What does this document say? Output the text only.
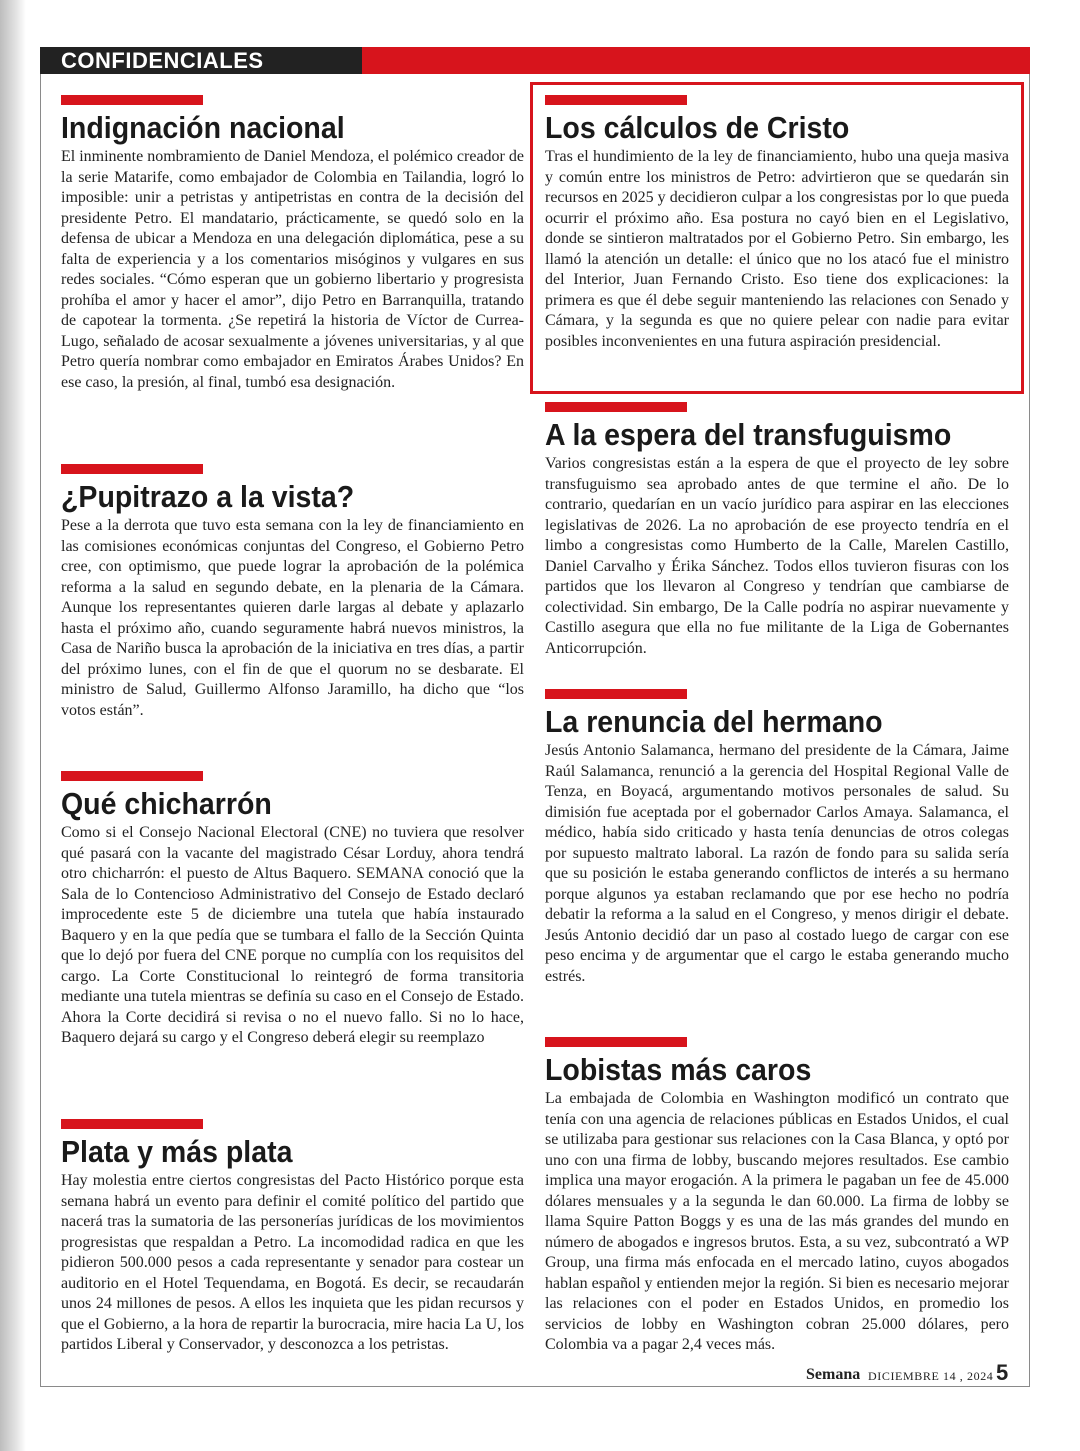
CONFIDENCIALES
Indignación nacional

El inminente nombramiento de Daniel Mendoza, el polémico creador de la serie Matarife, como embajador de Colombia en Tailandia, logró lo imposible: unir a petristas y antipetristas en contra de la decisión del presidente Petro. El mandatario, prácticamente, se quedó solo en la defensa de ubicar a Mendoza en una delegación diplomática, pese a su falta de experiencia y a los comentarios misóginos y vulgares en sus redes sociales. “Cómo esperan que un gobierno libertario y progresista prohíba el amor y hacer el amor”, dijo Petro en Barranquilla, tratando de capotear la tormenta. ¿Se repetirá la historia de Víctor de Currea-Lugo, señalado de acosar sexualmente a jóvenes universitarias, y al que Petro quería nombrar como embajador en Emiratos Árabes Unidos? En ese caso, la presión, al final, tumbó esa designación.

¿Pupitrazo a la vista?

Pese a la derrota que tuvo esta semana con la ley de financiamiento en las comisiones económicas conjuntas del Congreso, el Gobierno Petro cree, con optimismo, que puede lograr la aprobación de la polémica reforma a la salud en segundo debate, en la plenaria de la Cámara. Aunque los representantes quieren darle largas al debate y aplazarlo hasta el próximo año, cuando seguramente habrá nuevos ministros, la Casa de Nariño busca la aprobación de la iniciativa en tres días, a partir del próximo lunes, con el fin de que el quorum no se desbarate. El ministro de Salud, Guillermo Alfonso Jaramillo, ha dicho que “los votos están”.

Qué chicharrón

Como si el Consejo Nacional Electoral (CNE) no tuviera que resolver qué pasará con la vacante del magistrado César Lorduy, ahora tendrá otro chicharrón: el puesto de Altus Baquero. SEMANA conoció que la Sala de lo Contencioso Administrativo del Consejo de Estado declaró improcedente este 5 de diciembre una tutela que había instaurado Baquero y en la que pedía que se tumbara el fallo de la Sección Quinta que lo dejó por fuera del CNE porque no cumplía con los requisitos del cargo. La Corte Constitucional lo reintegró de forma transitoria mediante una tutela mientras se definía su caso en el Consejo de Estado. Ahora la Corte decidirá si revisa o no el nuevo fallo. Si no lo hace, Baquero dejará su cargo y el Congreso deberá elegir su reemplazo

Plata y más plata

Hay molestia entre ciertos congresistas del Pacto Histórico porque esta semana habrá un evento para definir el comité político del partido que nacerá tras la sumatoria de las personerías jurídicas de los movimientos progresistas que respaldan a Petro. La incomodidad radica en que les pidieron 500.000 pesos a cada representante y senador para costear un auditorio en el Hotel Tequendama, en Bogotá. Es decir, se recaudarán unos 24 millones de pesos. A ellos les inquieta que les pidan recursos y que el Gobierno, a la hora de repartir la burocracia, mire hacia La U, los partidos Liberal y Conservador, y desconozca a los petristas.

Los cálculos de Cristo

Tras el hundimiento de la ley de financiamiento, hubo una queja masiva y común entre los ministros de Petro: advirtieron que se quedarán sin recursos en 2025 y decidieron culpar a los congresistas por lo que pueda ocurrir el próximo año. Esa postura no cayó bien en el Legislativo, donde se sintieron maltratados por el Gobierno Petro. Sin embargo, les llamó la atención un detalle: el único que no los atacó fue el ministro del Interior, Juan Fernando Cristo. Eso tiene dos explicaciones: la primera es que él debe seguir manteniendo las relaciones con Senado y Cámara, y la segunda es que no quiere pelear con nadie para evitar posibles inconvenientes en una futura aspiración presidencial.

A la espera del transfuguismo

Varios congresistas están a la espera de que el proyecto de ley sobre transfuguismo sea aprobado antes de que termine el año. De lo contrario, quedarían en un vacío jurídico para aspirar en las elecciones legislativas de 2026. La no aprobación de ese proyecto tendría en el limbo a congresistas como Humberto de la Calle, Marelen Castillo, Daniel Carvalho y Érika Sánchez. Todos ellos tuvieron fisuras con los partidos que los llevaron al Congreso y tendrían que cambiarse de colectividad. Sin embargo, De la Calle podría no aspirar nuevamente y Castillo asegura que ella no fue militante de la Liga de Gobernantes Anticorrupción.

La renuncia del hermano

Jesús Antonio Salamanca, hermano del presidente de la Cámara, Jaime Raúl Salamanca, renunció a la gerencia del Hospital Regional Valle de Tenza, en Boyacá, argumentando motivos personales de salud. Su dimisión fue aceptada por el gobernador Carlos Amaya. Salamanca, el médico, había sido criticado y hasta tenía denuncias de otros colegas por supuesto maltrato laboral. La razón de fondo para su salida sería que su posición le estaba generando conflictos de interés a su hermano porque algunos ya estaban reclamando que por ese hecho no podría debatir la reforma a la salud en el Congreso, y menos dirigir el debate. Jesús Antonio decidió dar un paso al costado luego de cargar con ese peso encima y de argumentar que el cargo le estaba generando mucho estrés.

Lobistas más caros

La embajada de Colombia en Washington modificó un contrato que tenía con una agencia de relaciones públicas en Estados Unidos, el cual se utilizaba para gestionar sus relaciones con la Casa Blanca, y optó por uno con una firma de lobby, buscando mejores resultados. Ese cambio implica una mayor erogación. A la primera le pagaban un fee de 45.000 dólares mensuales y a la segunda le dan 60.000. La firma de lobby se llama Squire Patton Boggs y es una de las más grandes del mundo en número de abogados e ingresos brutos. Esta, a su vez, subcontrató a WP Group, una firma más enfocada en el mercado latino, cuyos abogados hablan español y entienden mejor la región. Si bien es necesario mejorar las relaciones con el poder en Estados Unidos, en promedio los servicios de lobby en Washington cobran 25.000 dólares, pero Colombia va a pagar 2,4 veces más.

Semana DICIEMBRE 14 , 2024 5
